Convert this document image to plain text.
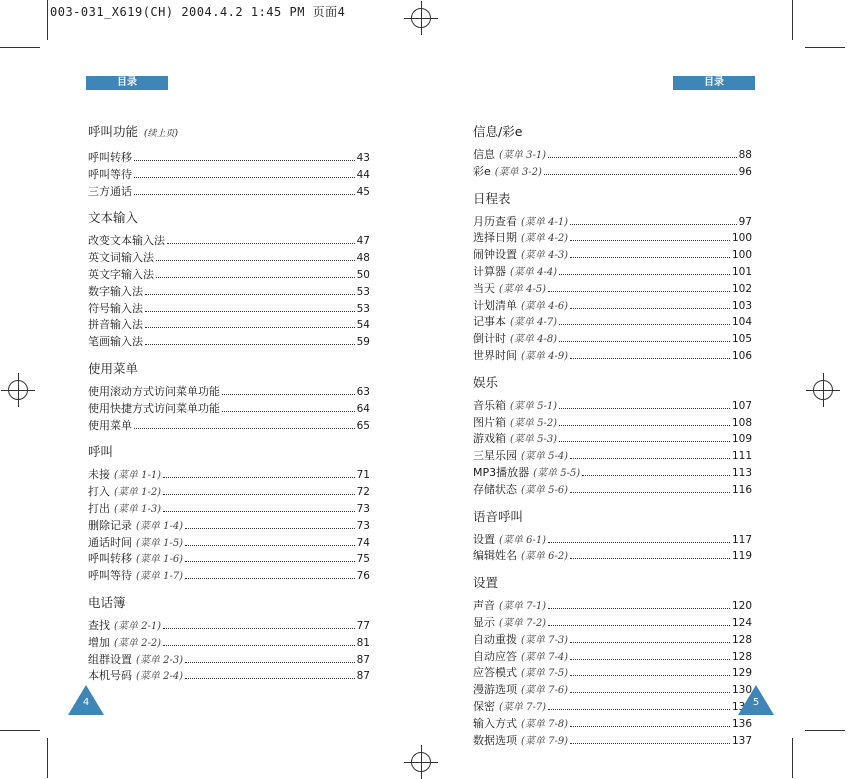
003-031_X619(CH) 2004.4.2 1:45 PM 页面4
目录	目录
呼叫功能 (续上页)
呼叫转移	43
呼叫等待	44
三方通话	45
文本输入
改变文本输入法	47
英文词输入法	48
英文字输入法	50
数字输入法	53
符号输入法	53
拼音输入法	54
笔画输入法	59
使用菜单
使用滚动方式访问菜单功能	63
使用快捷方式访问菜单功能	64
使用菜单	65
呼叫
未接 (菜单 1-1)	71
打入 (菜单 1-2)	72
打出 (菜单 1-3)	73
删除记录 (菜单 1-4)	73
通话时间 (菜单 1-5)	74
呼叫转移 (菜单 1-6)	75
呼叫等待 (菜单 1-7)	76
电话簿
查找 (菜单 2-1)	77
增加 (菜单 2-2)	81
组群设置 (菜单 2-3)	87
本机号码 (菜单 2-4)	87
信息/彩e
信息 (菜单 3-1)	88
彩e (菜单 3-2)	96
日程表
月历查看 (菜单 4-1)	97
选择日期 (菜单 4-2)	100
闹钟设置 (菜单 4-3)	100
计算器 (菜单 4-4)	101
当天 (菜单 4-5)	102
计划清单 (菜单 4-6)	103
记事本 (菜单 4-7)	104
倒计时 (菜单 4-8)	105
世界时间 (菜单 4-9)	106
娱乐
音乐箱 (菜单 5-1)	107
图片箱 (菜单 5-2)	108
游戏箱 (菜单 5-3)	109
三星乐园 (菜单 5-4)	111
MP3播放器 (菜单 5-5)	113
存储状态 (菜单 5-6)	116
语音呼叫
设置 (菜单 6-1)	117
编辑姓名 (菜单 6-2)	119
设置
声音 (菜单 7-1)	120
显示 (菜单 7-2)	124
自动重拨 (菜单 7-3)	128
自动应答 (菜单 7-4)	128
应答模式 (菜单 7-5)	129
漫游选项 (菜单 7-6)	130
保密 (菜单 7-7)	131
输入方式 (菜单 7-8)	136
数据选项 (菜单 7-9)	137
4	5
